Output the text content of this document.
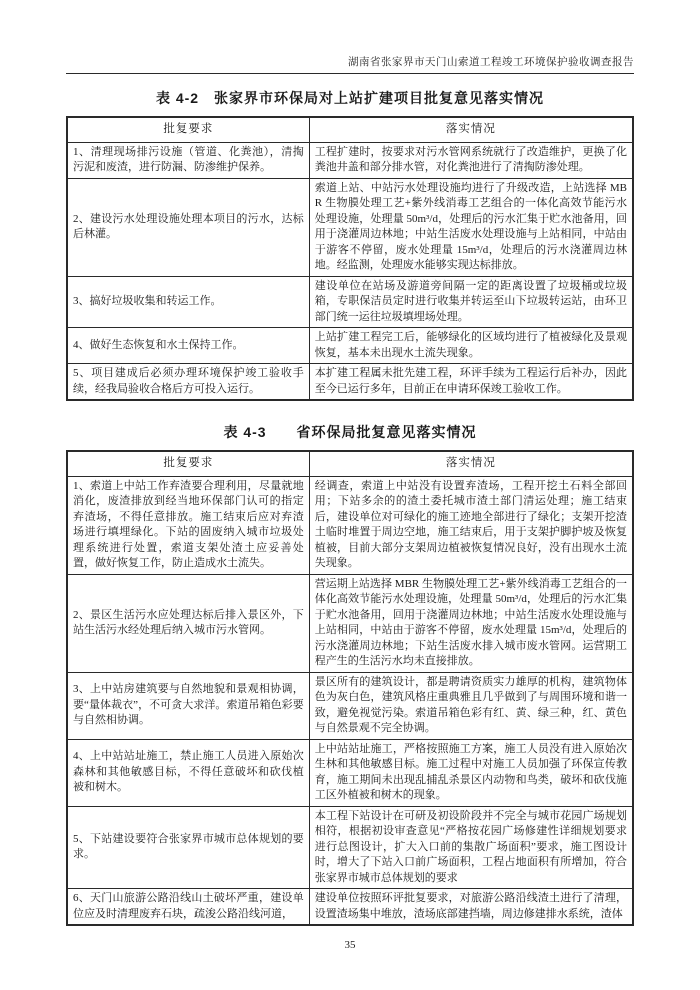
湖南省张家界市天门山索道工程竣工环境保护验收调查报告
表 4-2　张家界市环保局对上站扩建项目批复意见落实情况
批复要求	落实情况
1、清理现场排污设施（管道、化粪池），清掏污泥和废渣，进行防漏、防渗维护保养。	工程扩建时，按要求对污水管网系统就行了改造维护，更换了化粪池井盖和部分排水管，对化粪池进行了清掏防渗处理。
2、建设污水处理设施处理本项目的污水，达标后林灌。	索道上站、中站污水处理设施均进行了升级改造，上站选择 MBR 生物膜处理工艺+紫外线消毒工艺组合的一体化高效节能污水处理设施，处理量 50m³/d，处理后的污水汇集于贮水池备用，回用于浇灌周边林地；中站生活废水处理设施与上站相同，中站由于游客不停留，废水处理量 15m³/d，处理后的污水浇灌周边林地。经监测，处理废水能够实现达标排放。
3、搞好垃圾收集和转运工作。	建设单位在站场及游道旁间隔一定的距离设置了垃圾桶或垃圾箱，专职保洁员定时进行收集并转运至山下垃圾转运站，由环卫部门统一运往垃圾填埋场处理。
4、做好生态恢复和水土保持工作。	上站扩建工程完工后，能够绿化的区域均进行了植被绿化及景观恢复，基本未出现水土流失现象。
5、项目建成后必须办理环境保护竣工验收手续，经我局验收合格后方可投入运行。	本扩建工程属未批先建工程，环评手续为工程运行后补办，因此至今已运行多年，目前正在申请环保竣工验收工作。
表 4-3　　省环保局批复意见落实情况
批复要求	落实情况
1、索道上中站工作弃渣要合理利用，尽量就地消化，废渣排放到经当地环保部门认可的指定弃渣场，不得任意排放。施工结束后应对弃渣场进行填埋绿化。下站的固废纳入城市垃圾处理系统进行处置，索道支架处渣土应妥善处置，做好恢复工作，防止造成水土流失。	经调查，索道上中站没有设置弃渣场，工程开挖土石料全部回用；下站多余的的渣土委托城市渣土部门清运处理；施工结束后，建设单位对可绿化的施工迹地全部进行了绿化；支架开挖渣土临时堆置于周边空地，施工结束后，用于支架护脚护坡及恢复植被，目前大部分支架周边植被恢复情况良好，没有出现水土流失现象。
2、景区生活污水应处理达标后排入景区外，下站生活污水经处理后纳入城市污水管网。	营运期上站选择 MBR 生物膜处理工艺+紫外线消毒工艺组合的一体化高效节能污水处理设施，处理量 50m³/d，处理后的污水汇集于贮水池备用，回用于浇灌周边林地；中站生活废水处理设施与上站相同，中站由于游客不停留，废水处理量 15m³/d，处理后的污水浇灌周边林地；下站生活废水排入城市废水管网。运营期工程产生的生活污水均未直接排放。
3、上中站房建筑要与自然地貌和景观相协调，要“量体裁衣”，不可贪大求洋。索道吊箱色彩要与自然相协调。	景区所有的建筑设计，都是聘请资质实力雄厚的机构，建筑物体色为灰白色，建筑风格庄重典雅且几乎做到了与周围环境和谐一致，避免视觉污染。索道吊箱色彩有红、黄、绿三种，红、黄色与自然景观不完全协调。
4、上中站站址施工，禁止施工人员进入原始次森林和其他敏感目标，不得任意破坏和砍伐植被和树木。	上中站站址施工，严格按照施工方案，施工人员没有进入原始次生林和其他敏感目标。施工过程中对施工人员加强了环保宣传教育，施工期间未出现乱捕乱杀景区内动物和鸟类，破坏和砍伐施工区外植被和树木的现象。
5、下站建设要符合张家界市城市总体规划的要求。	本工程下站设计在可研及初设阶段并不完全与城市花园广场规划相符，根据初设审查意见“严格按花园广场修建性详细规划要求进行总图设计，扩大入口前的集散广场面积”要求，施工图设计时，增大了下站入口前广场面积，工程占地面积有所增加，符合张家界市城市总体规划的要求
6、天门山旅游公路沿线山土破坏严重，建设单位应及时清理废弃石块，疏浚公路沿线河道，	建设单位按照环评批复要求，对旅游公路沿线渣土进行了清理，设置渣场集中堆放，渣场底部建挡墙，周边修建排水系统，渣体
35
